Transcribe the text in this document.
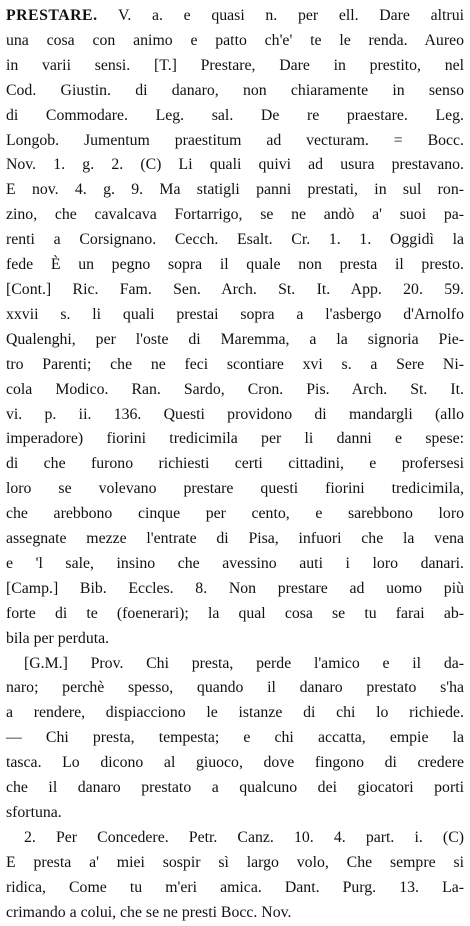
PRESTARE. V. a. e quasi n. per ell. Dare altrui
una cosa con animo e patto ch'e' te le renda. Aureo
in varii sensi. [T.] Prestare, Dare in prestito, nel
Cod. Giustin. di danaro, non chiaramente in senso
di Commodare. Leg. sal. De re praestare. Leg.
Longob. Jumentum praestitum ad vecturam. = Bocc.
Nov. 1. g. 2. (C) Li quali quivi ad usura prestavano.
E nov. 4. g. 9. Ma statigli panni prestati, in sul ron-
zino, che cavalcava Fortarrigo, se ne andò a' suoi pa-
renti a Corsignano. Cecch. Esalt. Cr. 1. 1. Oggidì la
fede È un pegno sopra il quale non presta il presto.
[Cont.] Ric. Fam. Sen. Arch. St. It. App. 20. 59.
xxvii s. li quali prestai sopra a l'asbergo d'Arnolfo
Qualenghi, per l'oste di Maremma, a la signoria Pie-
tro Parenti; che ne feci scontiare xvi s. a Sere Ni-
cola Modico. Ran. Sardo, Cron. Pis. Arch. St. It.
vi. p. ii. 136. Questi providono di mandargli (allo
imperadore) fiorini tredicimila per li danni e spese:
di che furono richiesti certi cittadini, e profersesi
loro se volevano prestare questi fiorini tredicimila,
che arebbono cinque per cento, e sarebbono loro
assegnate mezze l'entrate di Pisa, infuori che la vena
e 'l sale, insino che avessino auti i loro danari.
[Camp.] Bib. Eccles. 8. Non prestare ad uomo più
forte di te (foenerari); la qual cosa se tu farai ab-
bila per perduta.
[G.M.] Prov. Chi presta, perde l'amico e il da-
naro; perchè spesso, quando il danaro prestato s'ha
a rendere, dispiacciono le istanze di chi lo richiede.
— Chi presta, tempesta; e chi accatta, empie la
tasca. Lo dicono al giuoco, dove fingono di credere
che il danaro prestato a qualcuno dei giocatori porti
sfortuna.
2. Per Concedere. Petr. Canz. 10. 4. part. i. (C)
E presta a' miei sospir sì largo volo, Che sempre si
ridica, Come tu m'eri amica. Dant. Purg. 13. La-
crimando a colui, che se ne presti Bocc. Nov.
